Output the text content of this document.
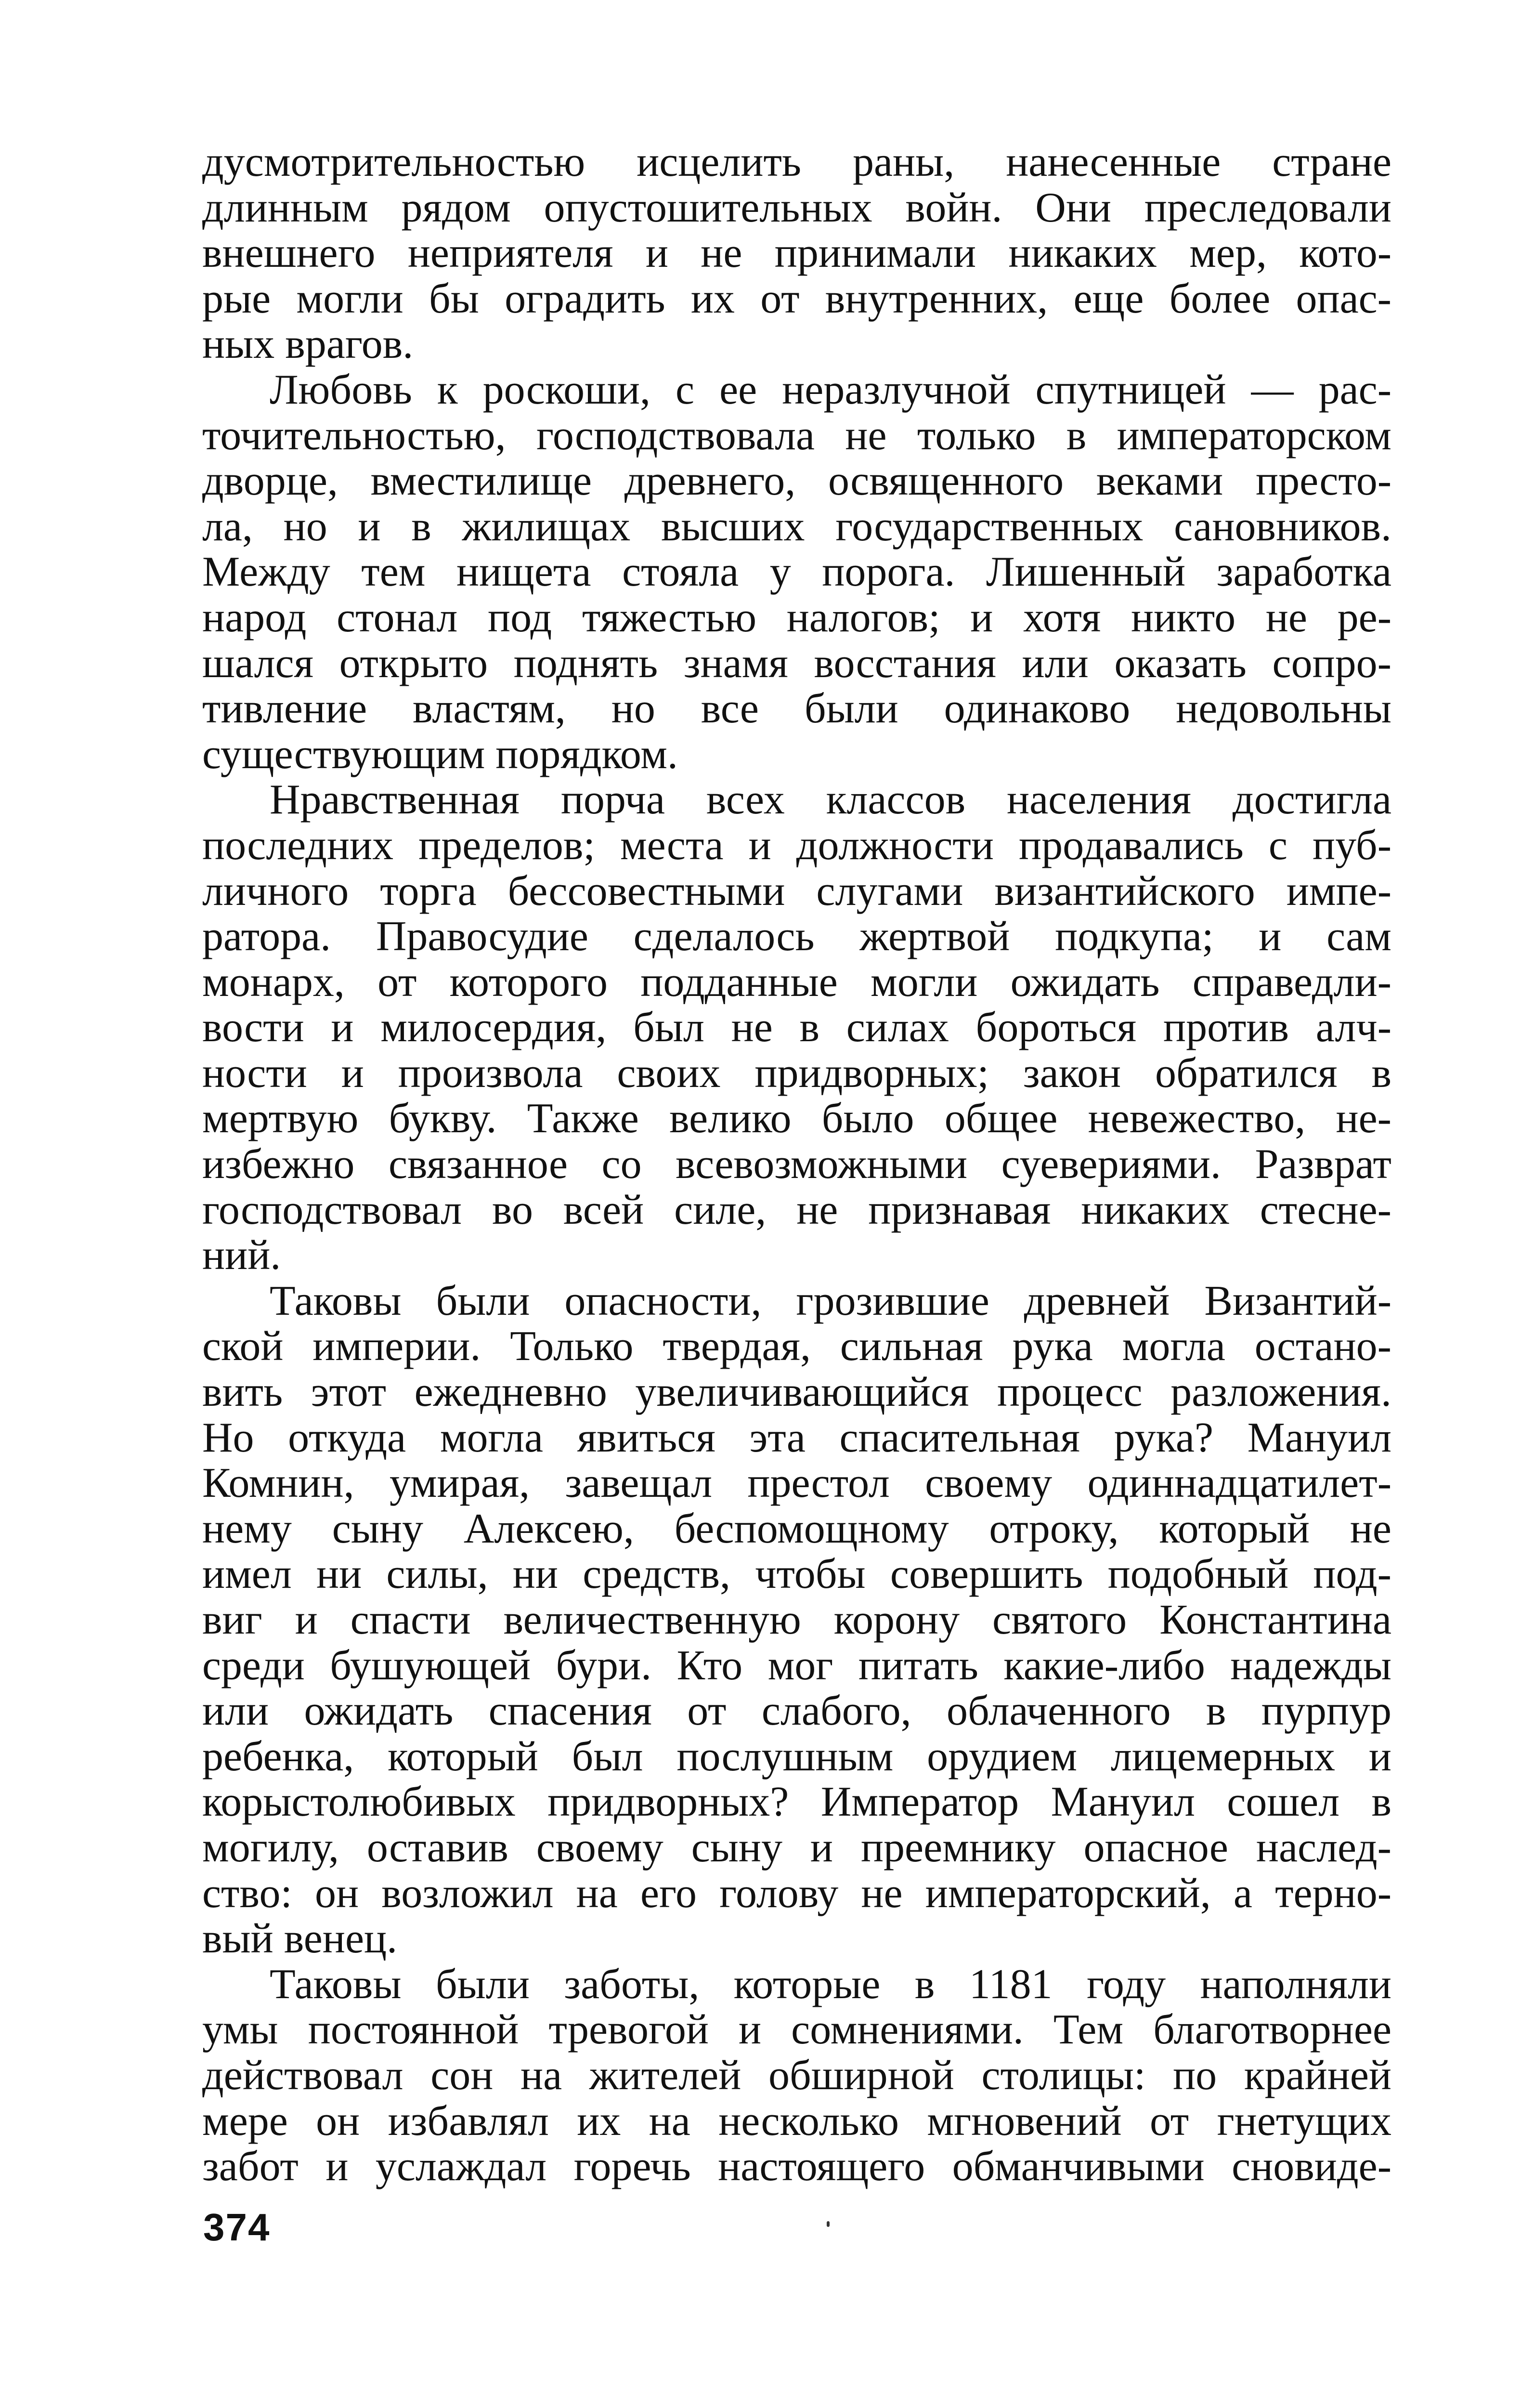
дусмотрительностью исцелить раны, нанесенные стране
длинным рядом опустошительных войн. Они преследовали
внешнего неприятеля и не принимали никаких мер, кото-
рые могли бы оградить их от внутренних, еще более опас-
ных врагов.
Любовь к роскоши, с ее неразлучной спутницей — рас-
точительностью, господствовала не только в императорском
дворце, вместилище древнего, освященного веками престо-
ла, но и в жилищах высших государственных сановников.
Между тем нищета стояла у порога. Лишенный заработка
народ стонал под тяжестью налогов; и хотя никто не ре-
шался открыто поднять знамя восстания или оказать сопро-
тивление властям, но все были одинаково недовольны
существующим порядком.
Нравственная порча всех классов населения достигла
последних пределов; места и должности продавались с пуб-
личного торга бессовестными слугами византийского импе-
ратора. Правосудие сделалось жертвой подкупа; и сам
монарх, от которого подданные могли ожидать справедли-
вости и милосердия, был не в силах бороться против алч-
ности и произвола своих придворных; закон обратился в
мертвую букву. Также велико было общее невежество, не-
избежно связанное со всевозможными суевериями. Разврат
господствовал во всей силе, не признавая никаких стесне-
ний.
Таковы были опасности, грозившие древней Византий-
ской империи. Только твердая, сильная рука могла остано-
вить этот ежедневно увеличивающийся процесс разложения.
Но откуда могла явиться эта спасительная рука? Мануил
Комнин, умирая, завещал престол своему одиннадцатилет-
нему сыну Алексею, беспомощному отроку, который не
имел ни силы, ни средств, чтобы совершить подобный под-
виг и спасти величественную корону святого Константина
среди бушующей бури. Кто мог питать какие-либо надежды
или ожидать спасения от слабого, облаченного в пурпур
ребенка, который был послушным орудием лицемерных и
корыстолюбивых придворных? Император Мануил сошел в
могилу, оставив своему сыну и преемнику опасное наслед-
ство: он возложил на его голову не императорский, а терно-
вый венец.
Таковы были заботы, которые в 1181 году наполняли
умы постоянной тревогой и сомнениями. Тем благотворнее
действовал сон на жителей обширной столицы: по крайней
мере он избавлял их на несколько мгновений от гнетущих
забот и услаждал горечь настоящего обманчивыми сновиде-
374
